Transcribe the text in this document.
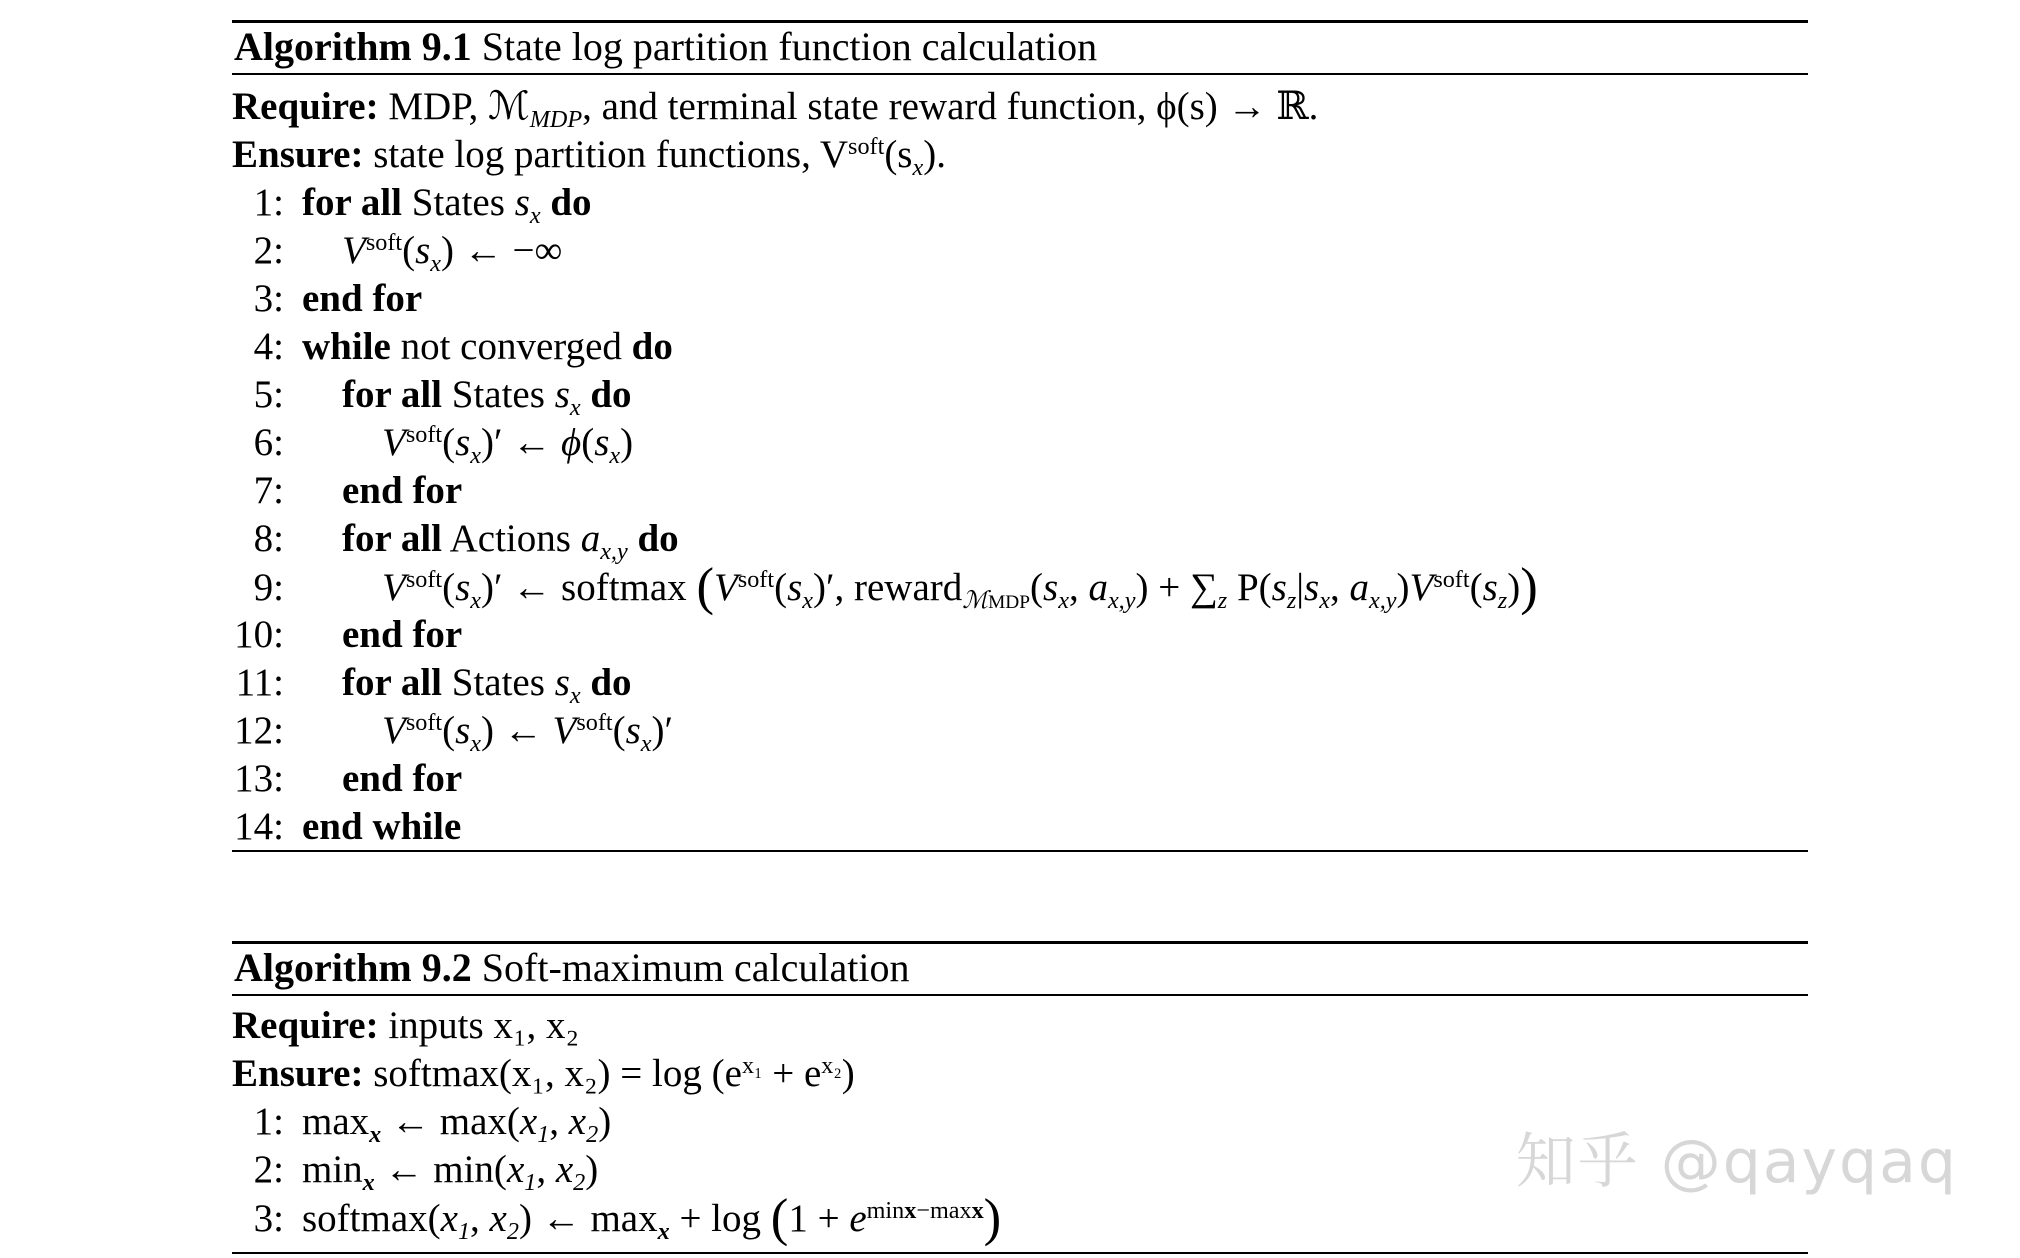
Algorithm 9.1 State log partition function calculation
Require: MDP, ℳ$_{MDP}$, and terminal state reward function, ϕ(s) → ℝ.
Ensure: state log partition functions, $V^{soft}(s_x)$.
1: for all States $s_x$ do
2: $V^{soft}(s_x)$ ← −∞
3: end for
4: while not converged do
5: for all States $s_x$ do
6:	$V^{soft}(s_x)'$ ← $\phi(s_x)$
7: end for
8: for all Actions $a_{x,y}$ do
9:	$V^{soft}(s_x)'$ ← softmax ($V^{soft}(s_x)'$, $reward_{ℳMDP}(s_x$, $a_{x,y}) + \sum_z$ $P(s_z|s_x$, $a_{x,y})V^{soft}(s_z)$)
10: end for
11: for all States $s_x$ do
12:	$V^{soft}(s_x)$ ← $V^{soft}(s_x)'$
13: end for
14: end while
Algorithm 9.2 Soft-maximum calculation
Require: inputs x₁, x₂
Ensure: softmax(x₁, $x_2) = \log (e^{x_1} + e^{x_2})$
1: $\max_x$ ← $\max(x_1$, $x_2$)
2: $\min_x$ ← $\min(x_1$, $x_2$)
3: $softmax(x_1$, $x_2$) ← $\max_x + \log (1 + e^{minx-maxx})$
知乎 @qayqaq
